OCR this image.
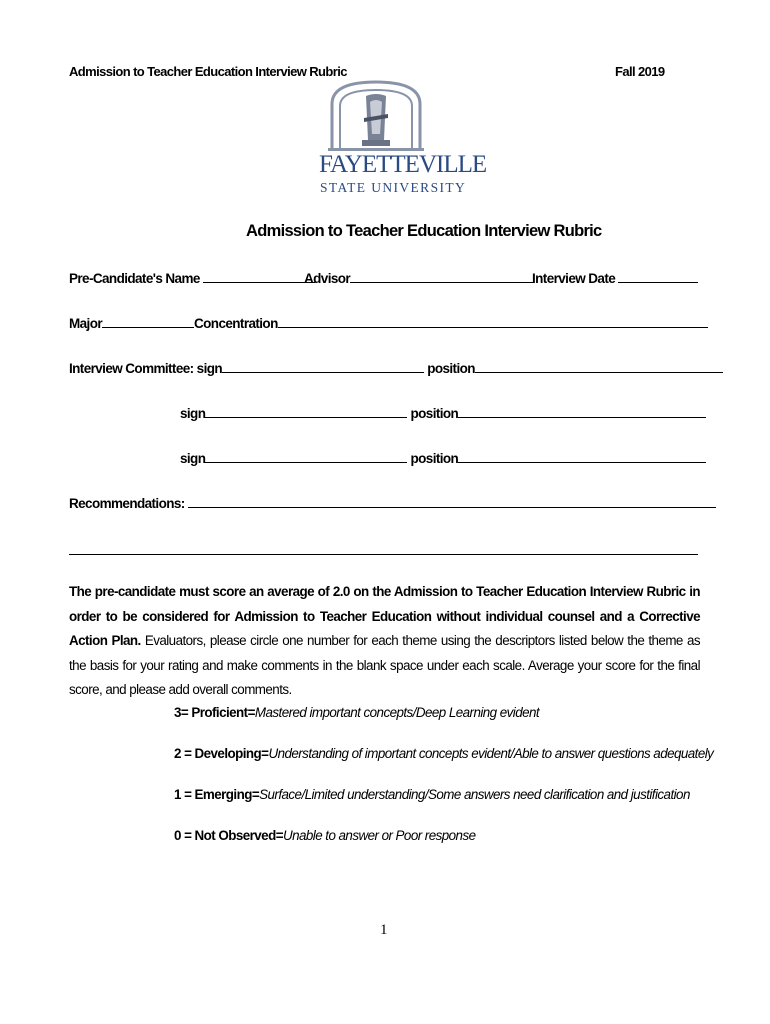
Admission to Teacher Education Interview Rubric	Fall 2019
FAYETTEVILLE
STATE UNIVERSITY
Admission to Teacher Education Interview Rubric
Pre-Candidate's Name	Advisor	Interview Date
Major	Concentration
Interview Committee: sign	position
sign	position
sign	position
Recommendations:
The pre-candidate must score an average of 2.0 on the Admission to Teacher Education Interview Rubric in order to be considered for Admission to Teacher Education without individual counsel and a Corrective Action Plan. Evaluators, please circle one number for each theme using the descriptors listed below the theme as the basis for your rating and make comments in the blank space under each scale. Average your score for the final score, and please add overall comments.
3= Proficient=Mastered important concepts/Deep Learning evident
2 = Developing=Understanding of important concepts evident/Able to answer questions adequately
1 = Emerging=Surface/Limited understanding/Some answers need clarification and justification
0 = Not Observed=Unable to answer or Poor response
1
